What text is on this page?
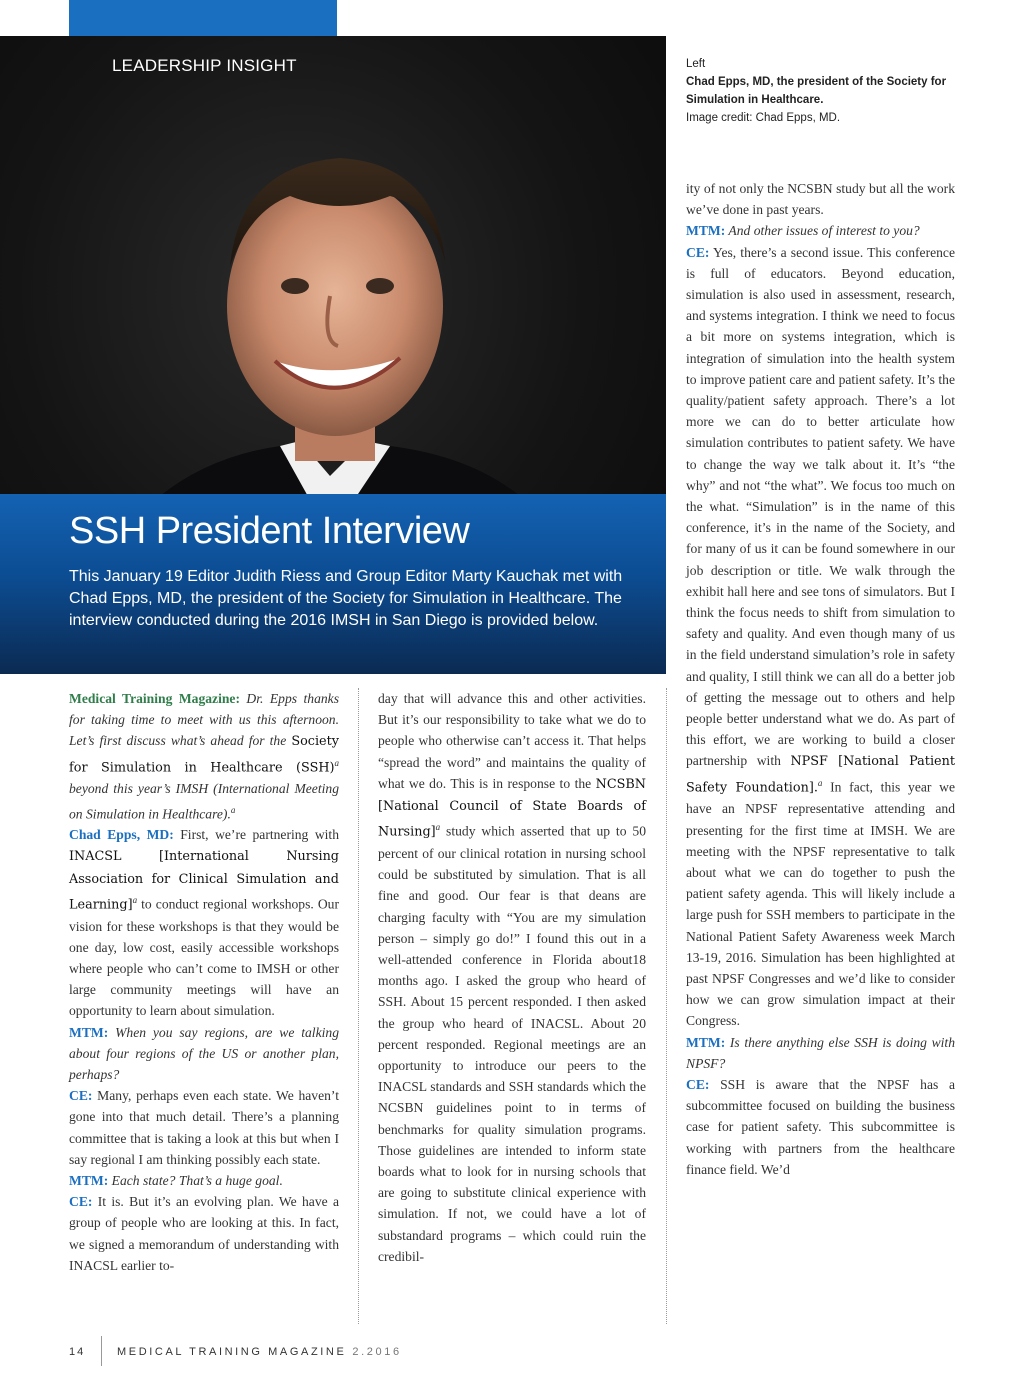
LEADERSHIP INSIGHT
SSH President Interview
This January 19 Editor Judith Riess and Group Editor Marty Kauchak met with Chad Epps, MD, the president of the Society for Simulation in Healthcare. The interview conducted during the 2016 IMSH in San Diego is provided below.
Left
Chad Epps, MD, the president of the Society for Simulation in Healthcare.
Image credit: Chad Epps, MD.

Medical Training Magazine: Dr. Epps thanks for taking time to meet with us this afternoon. Let’s first discuss what’s ahead for the Society for Simulation in Healthcare (SSH)$^a$ beyond this year’s IMSH (International Meeting on Simulation in Healthcare).$^a$

Chad Epps, MD: First, we’re partnering with INACSL [International Nursing Association for Clinical Simulation and Learning]$^a$ to conduct regional workshops. Our vision for these workshops is that they would be one day, low cost, easily accessible workshops where people who can’t come to IMSH or other large community meetings will have an opportunity to learn about simulation.

MTM: When you say regions, are we talking about four regions of the US or another plan, perhaps?

CE: Many, perhaps even each state. We haven’t gone into that much detail. There’s a planning committee that is taking a look at this but when I say regional I am thinking possibly each state.

MTM: Each state? That’s a huge goal.

CE: It is. But it’s an evolving plan. We have a group of people who are looking at this. In fact, we signed a memorandum of understanding with INACSL earlier to-

day that will advance this and other activities. But it’s our responsibility to take what we do to people who otherwise can’t access it. That helps “spread the word” and maintains the quality of what we do. This is in response to the NCSBN [National Council of State Boards of Nursing]$^a$ study which asserted that up to 50 percent of our clinical rotation in nursing school could be substituted by simulation. That is all fine and good. Our fear is that deans are charging faculty with “You are my simulation person – simply go do!” I found this out in a well-attended conference in Florida about18 months ago. I asked the group who heard of SSH. About 15 percent responded. I then asked the group who heard of INACSL. About 20 percent responded. Regional meetings are an opportunity to introduce our peers to the INACSL standards and SSH standards which the NCSBN guidelines point to in terms of benchmarks for quality simulation programs. Those guidelines are intended to inform state boards what to look for in nursing schools that are going to substitute clinical experience with simulation. If not, we could have a lot of substandard programs – which could ruin the credibil-

ity of not only the NCSBN study but all the work we’ve done in past years.

MTM: And other issues of interest to you?

CE: Yes, there’s a second issue. This conference is full of educators. Beyond education, simulation is also used in assessment, research, and systems integration. I think we need to focus a bit more on systems integration, which is integration of simulation into the health system to improve patient care and patient safety. It’s the quality/patient safety approach. There’s a lot more we can do to better articulate how simulation contributes to patient safety. We have to change the way we talk about it. It’s “the why” and not “the what”. We focus too much on the what. “Simulation” is in the name of this conference, it’s in the name of the Society, and for many of us it can be found somewhere in our job description or title. We walk through the exhibit hall here and see tons of simulators. But I think the focus needs to shift from simulation to safety and quality. And even though many of us in the field understand simulation’s role in safety and quality, I still think we can all do a better job of getting the message out to others and help people better understand what we do. As part of this effort, we are working to build a closer partnership with NPSF [National Patient Safety Foundation].$^a$ In fact, this year we have an NPSF representative attending and presenting for the first time at IMSH. We are meeting with the NPSF representative to talk about what we can do together to push the patient safety agenda. This will likely include a large push for SSH members to participate in the National Patient Safety Awareness week March 13-19, 2016. Simulation has been highlighted at past NPSF Congresses and we’d like to consider how we can grow simulation impact at their Congress.

MTM: Is there anything else SSH is doing with NPSF?

CE: SSH is aware that the NPSF has a subcommittee focused on building the business case for patient safety. This subcommittee is working with partners from the healthcare finance field. We’d

14	MEDICAL TRAINING MAGAZINE 2.2016
